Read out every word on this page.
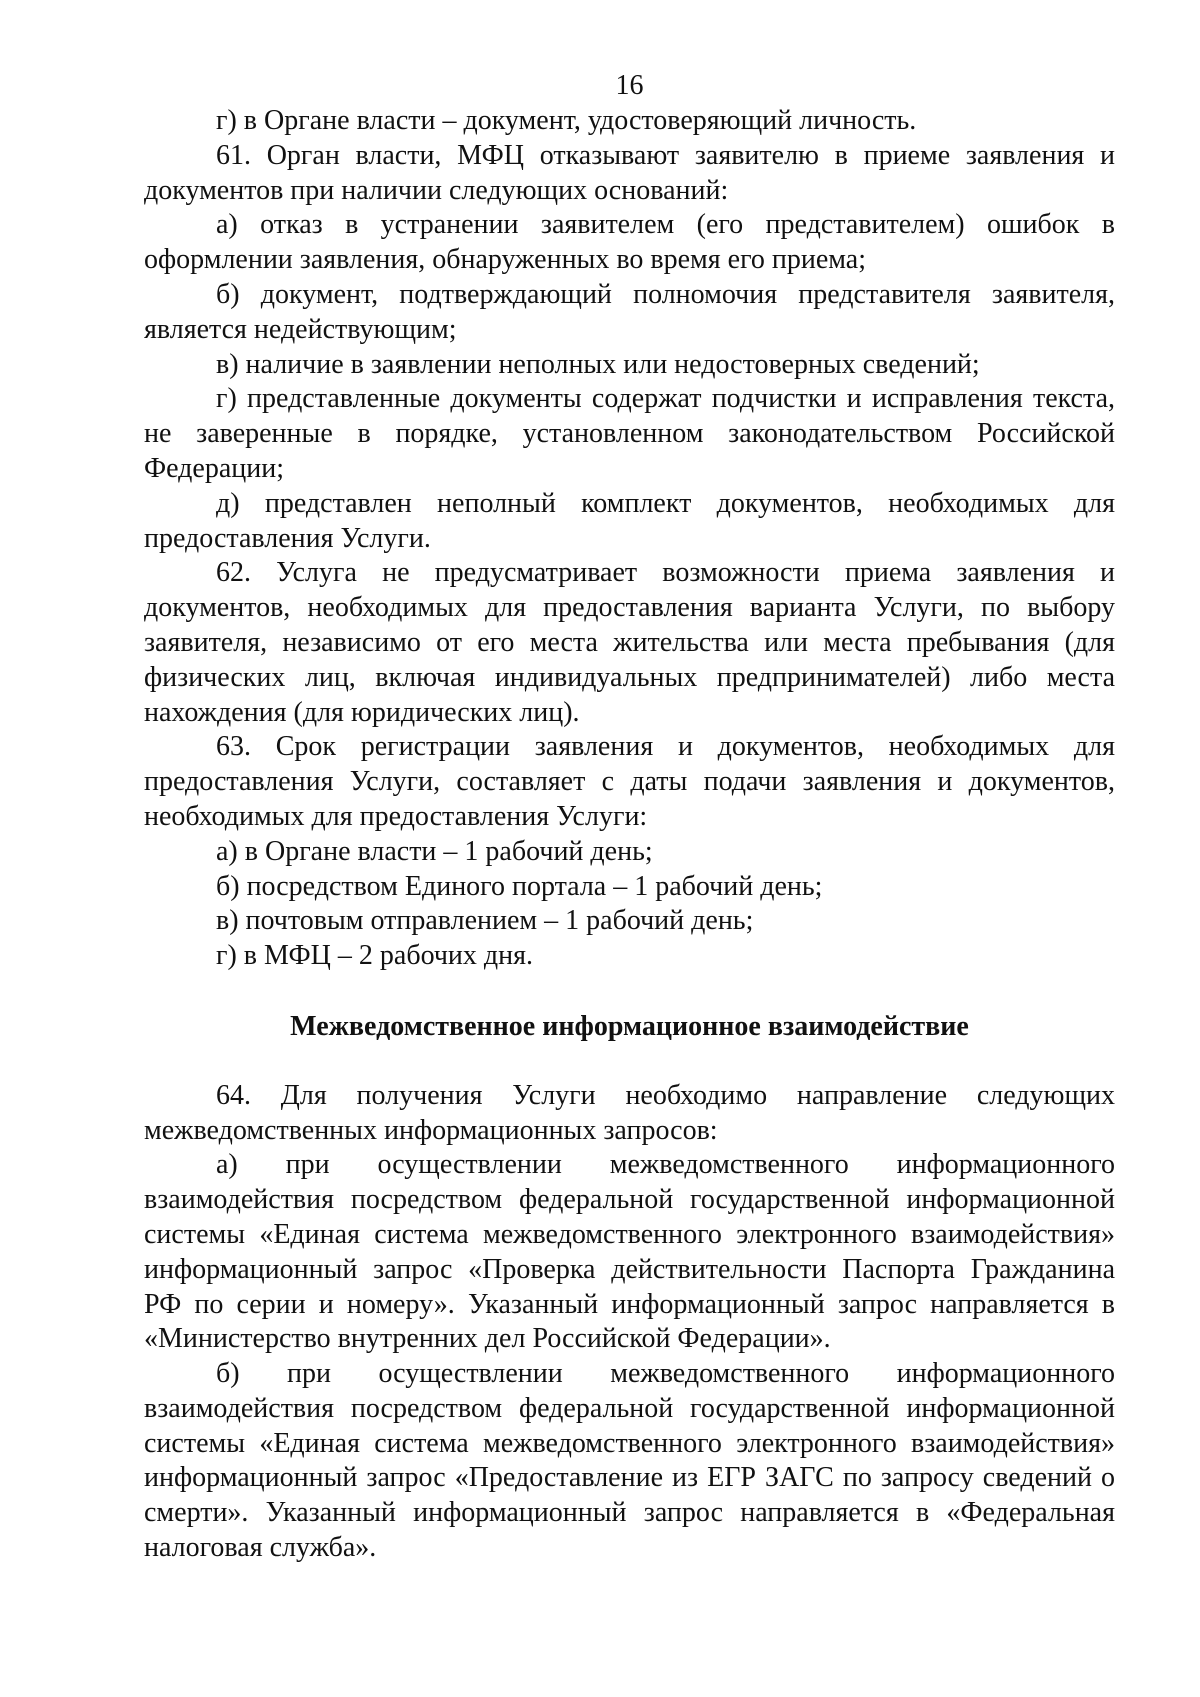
16

г) в Органе власти – документ, удостоверяющий личность.

61. Орган власти, МФЦ отказывают заявителю в приеме заявления и документов при наличии следующих оснований:

а) отказ в устранении заявителем (его представителем) ошибок в оформлении заявления, обнаруженных во время его приема;

б) документ, подтверждающий полномочия представителя заявителя, является недействующим;

в) наличие в заявлении неполных или недостоверных сведений;

г) представленные документы содержат подчистки и исправления текста, не заверенные в порядке, установленном законодательством Российской Федерации;

д) представлен неполный комплект документов, необходимых для предоставления Услуги.

62. Услуга не предусматривает возможности приема заявления и документов, необходимых для предоставления варианта Услуги, по выбору заявителя, независимо от его места жительства или места пребывания (для физических лиц, включая индивидуальных предпринимателей) либо места нахождения (для юридических лиц).

63. Срок регистрации заявления и документов, необходимых для предоставления Услуги, составляет с даты подачи заявления и документов, необходимых для предоставления Услуги:

а) в Органе власти – 1 рабочий день;

б) посредством Единого портала – 1 рабочий день;

в) почтовым отправлением – 1 рабочий день;

г) в МФЦ – 2 рабочих дня.

Межведомственное информационное взаимодействие

64. Для получения Услуги необходимо направление следующих межведомственных информационных запросов:

а) при осуществлении межведомственного информационного взаимодействия посредством федеральной государственной информационной системы «Единая система межведомственного электронного взаимодействия» информационный запрос «Проверка действительности Паспорта Гражданина РФ по серии и номеру». Указанный информационный запрос направляется в «Министерство внутренних дел Российской Федерации».

б) при осуществлении межведомственного информационного взаимодействия посредством федеральной государственной информационной системы «Единая система межведомственного электронного взаимодействия» информационный запрос «Предоставление из ЕГР ЗАГС по запросу сведений о смерти». Указанный информационный запрос направляется в «Федеральная налоговая служба».
